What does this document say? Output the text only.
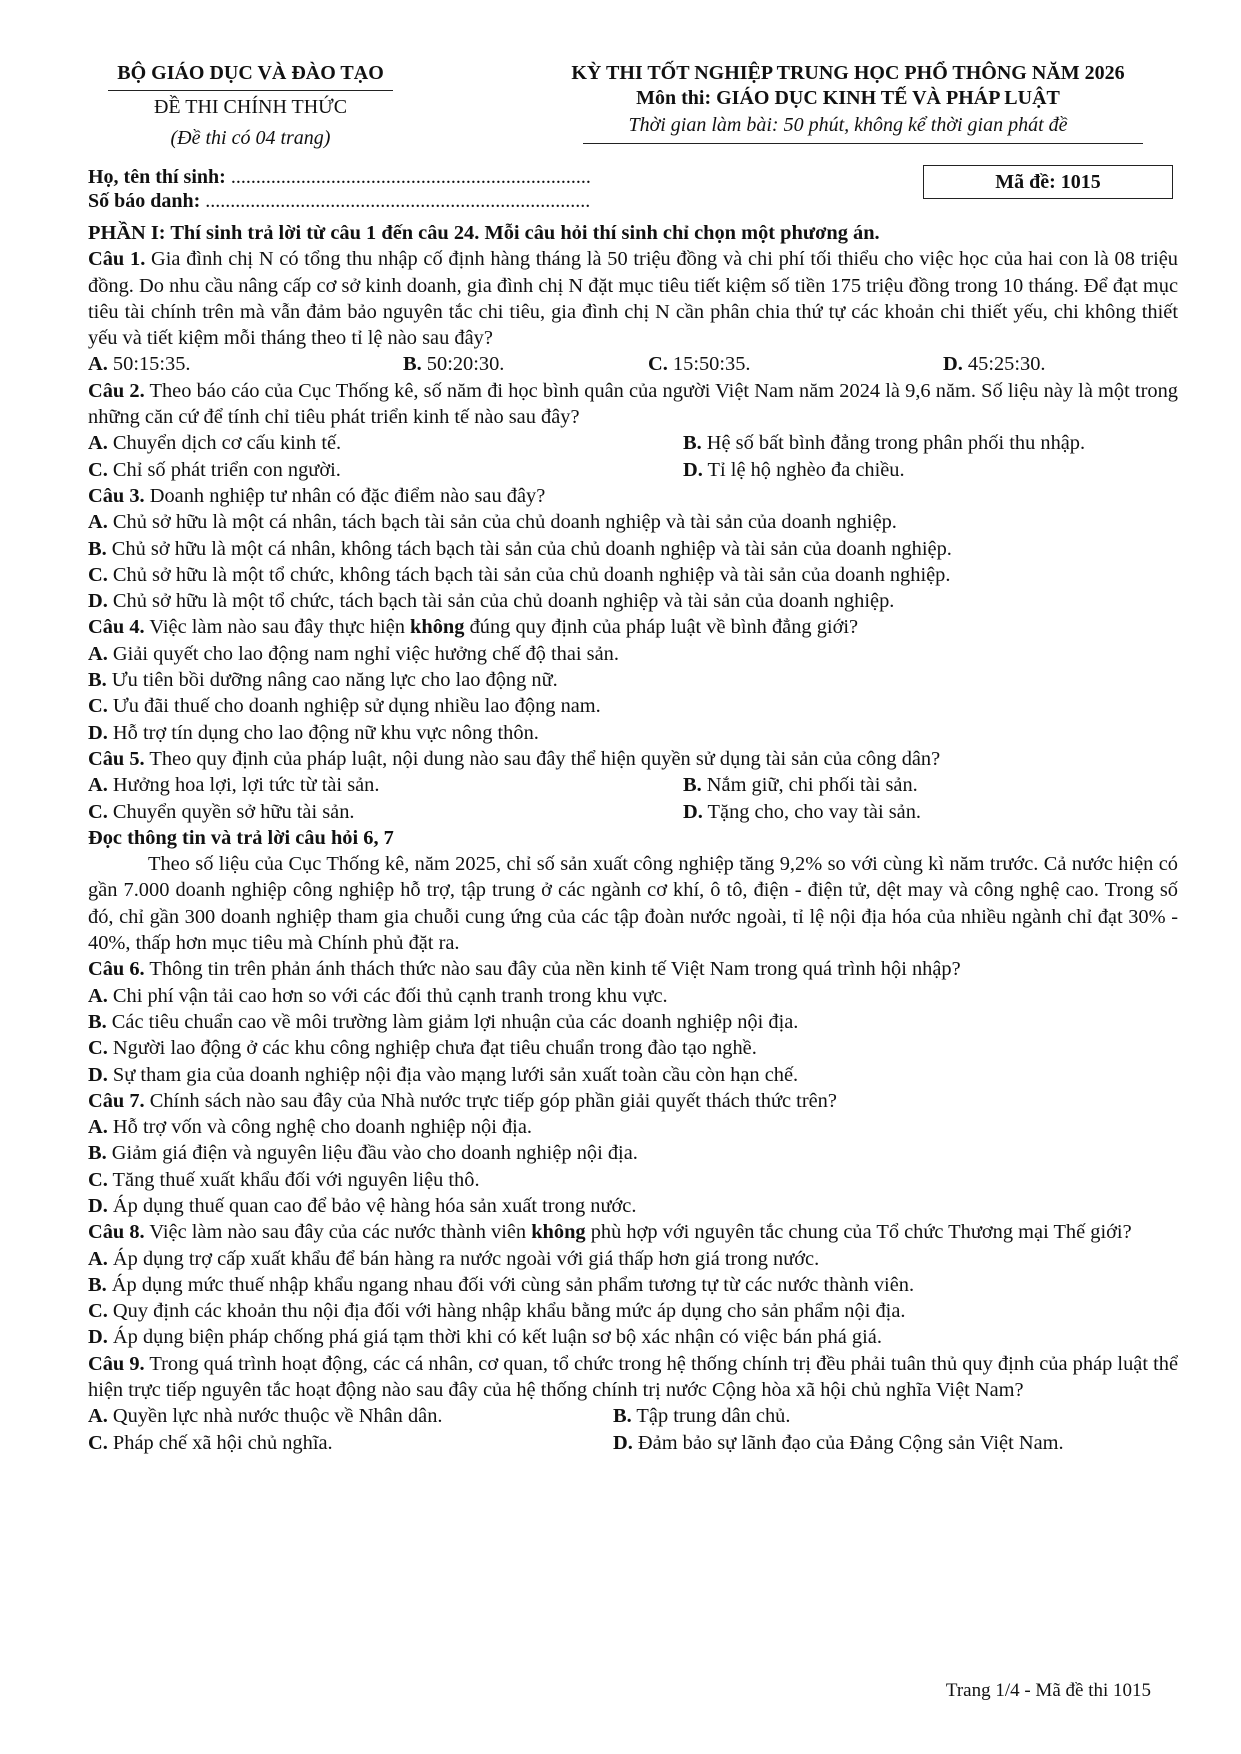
BỘ GIÁO DỤC VÀ ĐÀO TẠO
ĐỀ THI CHÍNH THỨC
(Đề thi có 04 trang)
KỲ THI TỐT NGHIỆP TRUNG HỌC PHỔ THÔNG NĂM 2026
Môn thi: GIÁO DỤC KINH TẾ VÀ PHÁP LUẬT
Thời gian làm bài: 50 phút, không kể thời gian phát đề
Họ, tên thí sinh: ........................................................................
Số báo danh: .............................................................................
Mã đề: 1015

PHẦN I: Thí sinh trả lời từ câu 1 đến câu 24. Mỗi câu hỏi thí sinh chỉ chọn một phương án.

Câu 1. Gia đình chị N có tổng thu nhập cố định hàng tháng là 50 triệu đồng và chi phí tối thiểu cho việc học của hai con là 08 triệu đồng. Do nhu cầu nâng cấp cơ sở kinh doanh, gia đình chị N đặt mục tiêu tiết kiệm số tiền 175 triệu đồng trong 10 tháng. Để đạt mục tiêu tài chính trên mà vẫn đảm bảo nguyên tắc chi tiêu, gia đình chị N cần phân chia thứ tự các khoản chi thiết yếu, chi không thiết yếu và tiết kiệm mỗi tháng theo tỉ lệ nào sau đây?

A. 50:15:35.	B. 50:20:30.	C. 15:50:35.	D. 45:25:30.

Câu 2. Theo báo cáo của Cục Thống kê, số năm đi học bình quân của người Việt Nam năm 2024 là 9,6 năm. Số liệu này là một trong những căn cứ để tính chỉ tiêu phát triển kinh tế nào sau đây?

A. Chuyển dịch cơ cấu kinh tế.	B. Hệ số bất bình đẳng trong phân phối thu nhập.
C. Chỉ số phát triển con người.	D. Tỉ lệ hộ nghèo đa chiều.

Câu 3. Doanh nghiệp tư nhân có đặc điểm nào sau đây?

A. Chủ sở hữu là một cá nhân, tách bạch tài sản của chủ doanh nghiệp và tài sản của doanh nghiệp.
B. Chủ sở hữu là một cá nhân, không tách bạch tài sản của chủ doanh nghiệp và tài sản của doanh nghiệp.
C. Chủ sở hữu là một tổ chức, không tách bạch tài sản của chủ doanh nghiệp và tài sản của doanh nghiệp.
D. Chủ sở hữu là một tổ chức, tách bạch tài sản của chủ doanh nghiệp và tài sản của doanh nghiệp.

Câu 4. Việc làm nào sau đây thực hiện không đúng quy định của pháp luật về bình đẳng giới?

A. Giải quyết cho lao động nam nghỉ việc hưởng chế độ thai sản.
B. Ưu tiên bồi dưỡng nâng cao năng lực cho lao động nữ.
C. Ưu đãi thuế cho doanh nghiệp sử dụng nhiều lao động nam.
D. Hỗ trợ tín dụng cho lao động nữ khu vực nông thôn.

Câu 5. Theo quy định của pháp luật, nội dung nào sau đây thể hiện quyền sử dụng tài sản của công dân?

A. Hưởng hoa lợi, lợi tức từ tài sản.	B. Nắm giữ, chi phối tài sản.
C. Chuyển quyền sở hữu tài sản.	D. Tặng cho, cho vay tài sản.

Đọc thông tin và trả lời câu hỏi 6, 7

Theo số liệu của Cục Thống kê, năm 2025, chỉ số sản xuất công nghiệp tăng 9,2% so với cùng kì năm trước. Cả nước hiện có gần 7.000 doanh nghiệp công nghiệp hỗ trợ, tập trung ở các ngành cơ khí, ô tô, điện - điện tử, dệt may và công nghệ cao. Trong số đó, chỉ gần 300 doanh nghiệp tham gia chuỗi cung ứng của các tập đoàn nước ngoài, tỉ lệ nội địa hóa của nhiều ngành chỉ đạt 30% - 40%, thấp hơn mục tiêu mà Chính phủ đặt ra.

Câu 6. Thông tin trên phản ánh thách thức nào sau đây của nền kinh tế Việt Nam trong quá trình hội nhập?

A. Chi phí vận tải cao hơn so với các đối thủ cạnh tranh trong khu vực.
B. Các tiêu chuẩn cao về môi trường làm giảm lợi nhuận của các doanh nghiệp nội địa.
C. Người lao động ở các khu công nghiệp chưa đạt tiêu chuẩn trong đào tạo nghề.
D. Sự tham gia của doanh nghiệp nội địa vào mạng lưới sản xuất toàn cầu còn hạn chế.

Câu 7. Chính sách nào sau đây của Nhà nước trực tiếp góp phần giải quyết thách thức trên?

A. Hỗ trợ vốn và công nghệ cho doanh nghiệp nội địa.
B. Giảm giá điện và nguyên liệu đầu vào cho doanh nghiệp nội địa.
C. Tăng thuế xuất khẩu đối với nguyên liệu thô.
D. Áp dụng thuế quan cao để bảo vệ hàng hóa sản xuất trong nước.

Câu 8. Việc làm nào sau đây của các nước thành viên không phù hợp với nguyên tắc chung của Tổ chức Thương mại Thế giới?

A. Áp dụng trợ cấp xuất khẩu để bán hàng ra nước ngoài với giá thấp hơn giá trong nước.
B. Áp dụng mức thuế nhập khẩu ngang nhau đối với cùng sản phẩm tương tự từ các nước thành viên.
C. Quy định các khoản thu nội địa đối với hàng nhập khẩu bằng mức áp dụng cho sản phẩm nội địa.
D. Áp dụng biện pháp chống phá giá tạm thời khi có kết luận sơ bộ xác nhận có việc bán phá giá.

Câu 9. Trong quá trình hoạt động, các cá nhân, cơ quan, tổ chức trong hệ thống chính trị đều phải tuân thủ quy định của pháp luật thể hiện trực tiếp nguyên tắc hoạt động nào sau đây của hệ thống chính trị nước Cộng hòa xã hội chủ nghĩa Việt Nam?

A. Quyền lực nhà nước thuộc về Nhân dân.	B. Tập trung dân chủ.
C. Pháp chế xã hội chủ nghĩa.	D. Đảm bảo sự lãnh đạo của Đảng Cộng sản Việt Nam.
Trang 1/4 - Mã đề thi 1015
